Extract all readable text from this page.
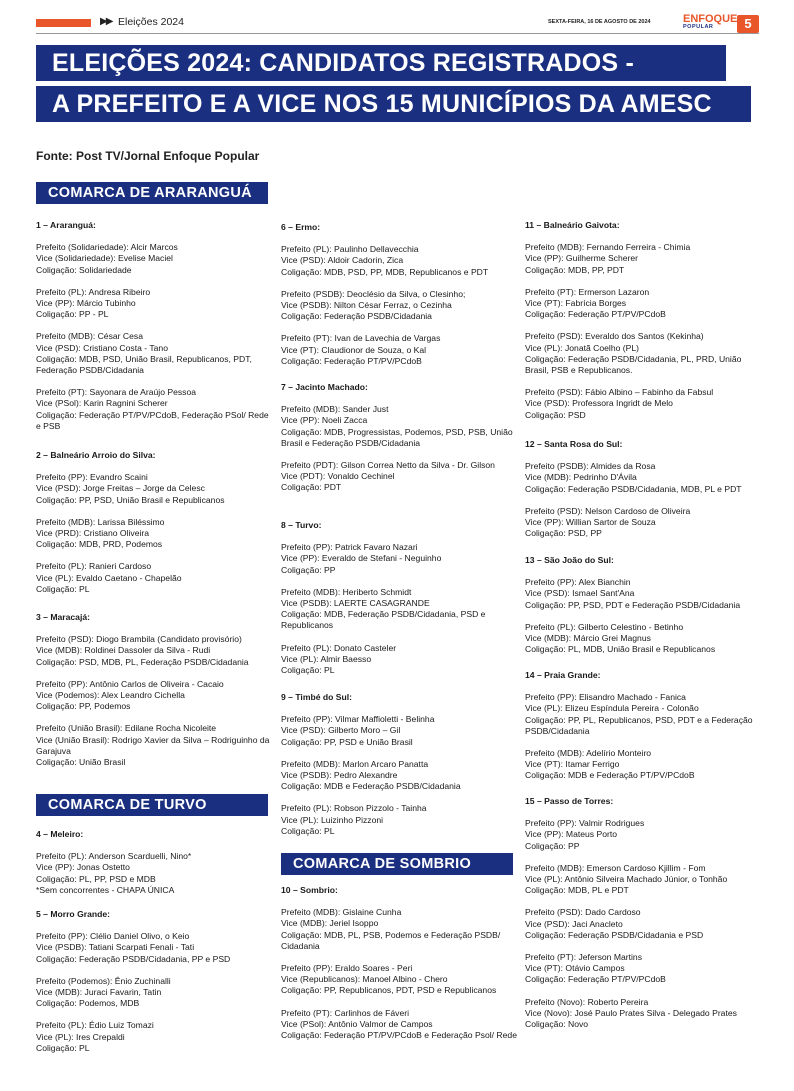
▶▶ Eleições 2024	SEXTA-FEIRA, 16 DE AGOSTO DE 2024	ENFOQUE
POPULAR	5
ELEIÇÕES 2024: CANDIDATOS REGISTRADOS -
A PREFEITO E A VICE NOS 15 MUNICÍPIOS DA AMESC
Fonte: Post TV/Jornal Enfoque Popular
COMARCA DE ARARANGUÁ
COMARCA DE TURVO
COMARCA DE SOMBRIO
1 – Araranguá:
Prefeito (Solidariedade): Alcir Marcos
Vice (Solidariedade): Evelise Maciel
Coligação: Solidariedade
Prefeito (PL): Andresa Ribeiro
Vice (PP): Márcio Tubinho
Coligação: PP - PL
Prefeito (MDB): César Cesa
Vice (PSD): Cristiano Costa - Tano
Coligação: MDB, PSD, União Brasil, Republicanos, PDT, Federação PSDB/Cidadania
Prefeito (PT): Sayonara de Araújo Pessoa
Vice (PSol): Karin Ragnini Scherer
Coligação: Federação PT/PV/PCdoB, Federação PSol/ Rede e PSB
2 – Balneário Arroio do Silva:
Prefeito (PP): Evandro Scaini
Vice (PSD): Jorge Freitas – Jorge da Celesc
Coligação: PP, PSD, União Brasil e Republicanos
Prefeito (MDB): Larissa Biléssimo
Vice (PRD): Cristiano Oliveira
Coligação: MDB, PRD, Podemos
Prefeito (PL): Ranieri Cardoso
Vice (PL): Evaldo Caetano - Chapelão
Coligação: PL
3 – Maracajá:
Prefeito (PSD): Diogo Brambila (Candidato provisório)
Vice (MDB): Roldinei Dassoler da Silva - Rudi
Coligação: PSD, MDB, PL, Federação PSDB/Cidadania
Prefeito (PP): Antônio Carlos de Oliveira - Cacaio
Vice (Podemos): Alex Leandro Cichella
Coligação: PP, Podemos
Prefeito (União Brasil): Edilane Rocha Nicoleite
Vice (União Brasil): Rodrigo Xavier da Silva – Rodriguinho da Garajuva
Coligação: União Brasil
4 – Meleiro:
Prefeito (PL): Anderson Scarduelli, Nino*
Vice (PP): Jonas Ostetto
Coligação: PL, PP, PSD e MDB
*Sem concorrentes - CHAPA ÚNICA
5 – Morro Grande:
Prefeito (PP): Clélio Daniel Olivo, o Keio
Vice (PSDB): Tatiani Scarpati Fenali - Tati
Coligação: Federação PSDB/Cidadania, PP e PSD
Prefeito (Podemos): Ênio Zuchinalli
Vice (MDB): Juraci Favarin, Tatin
Coligação: Podemos, MDB
Prefeito (PL): Édio Luiz Tomazi
Vice (PL): Ires Crepaldi
Coligação: PL
6 – Ermo:
Prefeito (PL): Paulinho Dellavecchia
Vice (PSD): Aldoir Cadorin, Zica
Coligação: MDB, PSD, PP, MDB, Republicanos e PDT
Prefeito (PSDB): Deoclésio da Silva, o Clesinho;
Vice (PSDB): Nilton César Ferraz, o Cezinha
Coligação: Federação PSDB/Cidadania
Prefeito (PT): Ivan de Lavechia de Vargas
Vice (PT): Claudionor de Souza, o Kal
Coligação: Federação PT/PV/PCdoB
7 – Jacinto Machado:
Prefeito (MDB): Sander Just
Vice (PP): Noeli Zacca
Coligação: MDB, Progressistas, Podemos, PSD, PSB, União Brasil e Federação PSDB/Cidadania
Prefeito (PDT): Gilson Correa Netto da Silva - Dr. Gilson
Vice (PDT): Vonaldo Cechinel
Coligação: PDT
8 – Turvo:
Prefeito (PP): Patrick Favaro Nazari
Vice (PP): Everaldo de Stefani - Neguinho
Coligação: PP
Prefeito (MDB): Heriberto Schmidt
Vice (PSDB): LAERTE CASAGRANDE
Coligação: MDB, Federação PSDB/Cidadania, PSD e Republicanos
Prefeito (PL): Donato Casteler
Vice (PL): Almir Baesso
Coligação: PL
9 – Timbé do Sul:
Prefeito (PP): Vilmar Maffioletti - Belinha
Vice (PSD): Gilberto Moro – Gil
Coligação: PP, PSD e União Brasil
Prefeito (MDB): Marlon Arcaro Panatta
Vice (PSDB): Pedro Alexandre
Coligação: MDB e Federação PSDB/Cidadania
Prefeito (PL): Robson Pizzolo - Tainha
Vice (PL): Luizinho Pizzoni
Coligação: PL
10 – Sombrio:
Prefeito (MDB): Gislaine Cunha
Vice (MDB): Jeriel Isoppo
Coligação: MDB, PL, PSB, Podemos e Federação PSDB/ Cidadania
Prefeito (PP): Eraldo Soares - Peri
Vice (Republicanos): Manoel Albino - Chero
Coligação: PP, Republicanos, PDT, PSD e Republicanos
Prefeito (PT): Carlinhos de Fáveri
Vice (PSol): Antônio Valmor de Campos
Coligação: Federação PT/PV/PCdoB e Federação Psol/ Rede
11 – Balneário Gaivota:
Prefeito (MDB): Fernando Ferreira - Chimia
Vice (PP): Guilherme Scherer
Coligação: MDB, PP, PDT
Prefeito (PT): Ermerson Lazaron
Vice (PT): Fabrícia Borges
Coligação: Federação PT/PV/PCdoB
Prefeito (PSD): Everaldo dos Santos (Kekinha)
Vice (PL): Jonatã Coelho (PL)
Coligação: Federação PSDB/Cidadania, PL, PRD, União Brasil, PSB e Republicanos.
Prefeito (PSD): Fábio Albino – Fabinho da Fabsul
Vice (PSD): Professora Ingridt de Melo
Coligação: PSD
12 – Santa Rosa do Sul:
Prefeito (PSDB): Almides da Rosa
Vice (MDB): Pedrinho D'Ávila
Coligação: Federação PSDB/Cidadania, MDB, PL e PDT
Prefeito (PSD): Nelson Cardoso de Oliveira
Vice (PP): Willian Sartor de Souza
Coligação: PSD, PP
13 – São João do Sul:
Prefeito (PP): Alex Bianchin
Vice (PSD): Ismael Sant'Ana
Coligação: PP, PSD, PDT e Federação PSDB/Cidadania
Prefeito (PL): Gilberto Celestino - Betinho
Vice (MDB): Márcio Grei Magnus
Coligação: PL, MDB, União Brasil e Republicanos
14 – Praia Grande:
Prefeito (PP): Elisandro Machado - Fanica
Vice (PL): Elizeu Espíndula Pereira - Colonão
Coligação: PP, PL, Republicanos, PSD, PDT e a Federação PSDB/Cidadania
Prefeito (MDB): Adelírio Monteiro
Vice (PT): Itamar Ferrigo
Coligação: MDB e Federação PT/PV/PCdoB
15 – Passo de Torres:
Prefeito (PP): Valmir Rodrigues
Vice (PP): Mateus Porto
Coligação: PP
Prefeito (MDB): Emerson Cardoso Kjillim - Fom
Vice (PL): Antônio Silveira Machado Júnior, o Tonhão
Coligação: MDB, PL e PDT
Prefeito (PSD): Dado Cardoso
Vice (PSD): Jaci Anacleto
Coligação: Federação PSDB/Cidadania e PSD
Prefeito (PT): Jeferson Martins
Vice (PT): Otávio Campos
Coligação: Federação PT/PV/PCdoB
Prefeito (Novo): Roberto Pereira
Vice (Novo): José Paulo Prates Silva - Delegado Prates
Coligação: Novo
